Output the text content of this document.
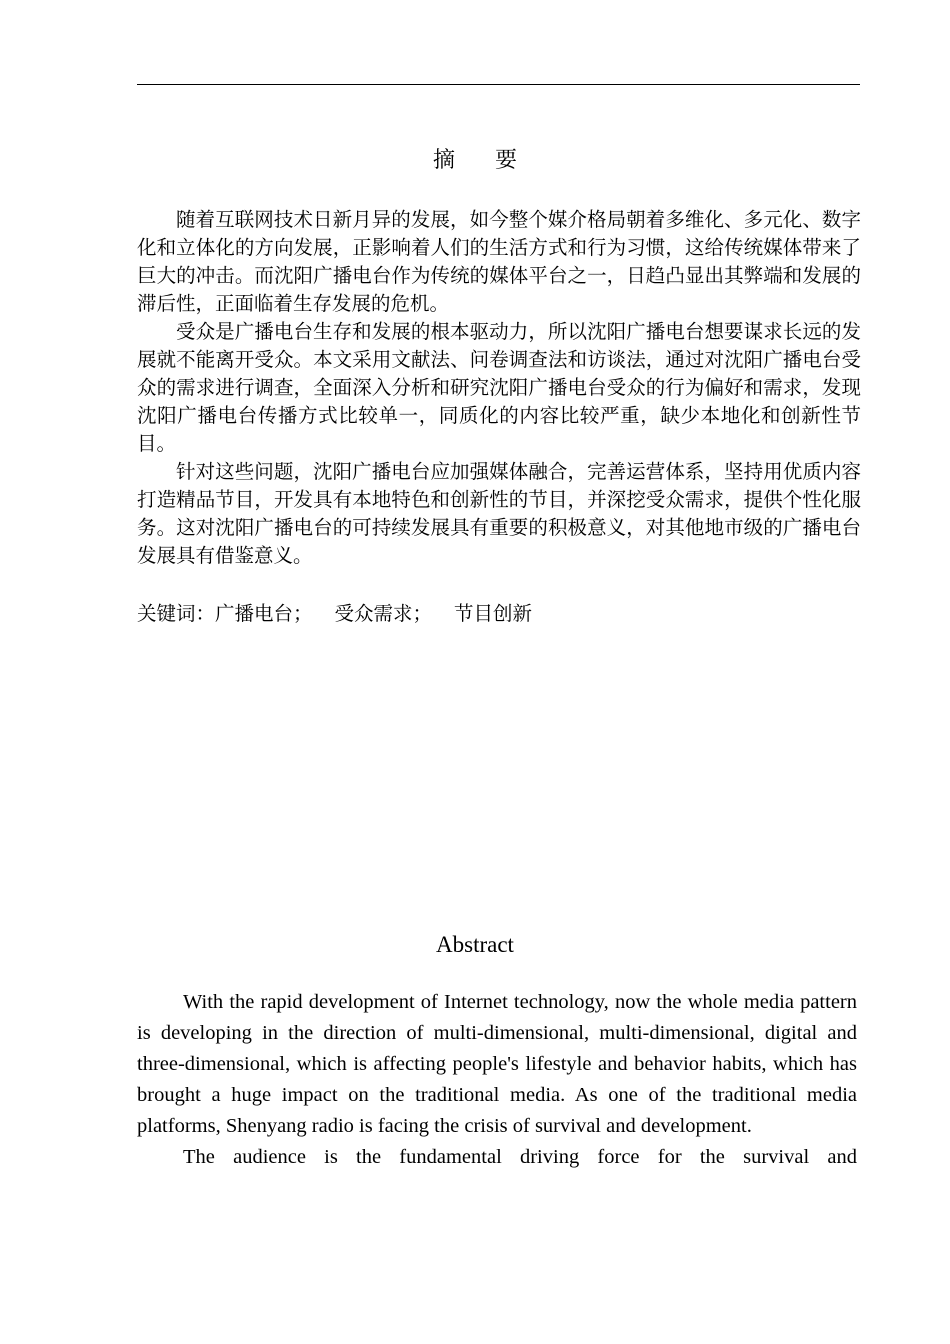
摘要

随着互联网技术日新月异的发展，如今整个媒介格局朝着多维化、多元化、数字化和立体化的方向发展，正影响着人们的生活方式和行为习惯，这给传统媒体带来了巨大的冲击。而沈阳广播电台作为传统的媒体平台之一，日趋凸显出其弊端和发展的滞后性，正面临着生存发展的危机。

受众是广播电台生存和发展的根本驱动力，所以沈阳广播电台想要谋求长远的发展就不能离开受众。本文采用文献法、问卷调查法和访谈法，通过对沈阳广播电台受众的需求进行调查，全面深入分析和研究沈阳广播电台受众的行为偏好和需求，发现沈阳广播电台传播方式比较单一，同质化的内容比较严重，缺少本地化和创新性节目。

针对这些问题，沈阳广播电台应加强媒体融合，完善运营体系，坚持用优质内容打造精品节目，开发具有本地特色和创新性的节目，并深挖受众需求，提供个性化服务。这对沈阳广播电台的可持续发展具有重要的积极意义，对其他地市级的广播电台发展具有借鉴意义。

关键词：广播电台； 受众需求； 节目创新
Abstract

With the rapid development of Internet technology, now the whole media pattern is developing in the direction of multi-dimensional, multi-dimensional, digital and three-dimensional, which is affecting people's lifestyle and behavior habits, which has brought a huge impact on the traditional media. As one of the traditional media platforms, Shenyang radio is facing the crisis of survival and development.

The audience is the fundamental driving force for the survival and
